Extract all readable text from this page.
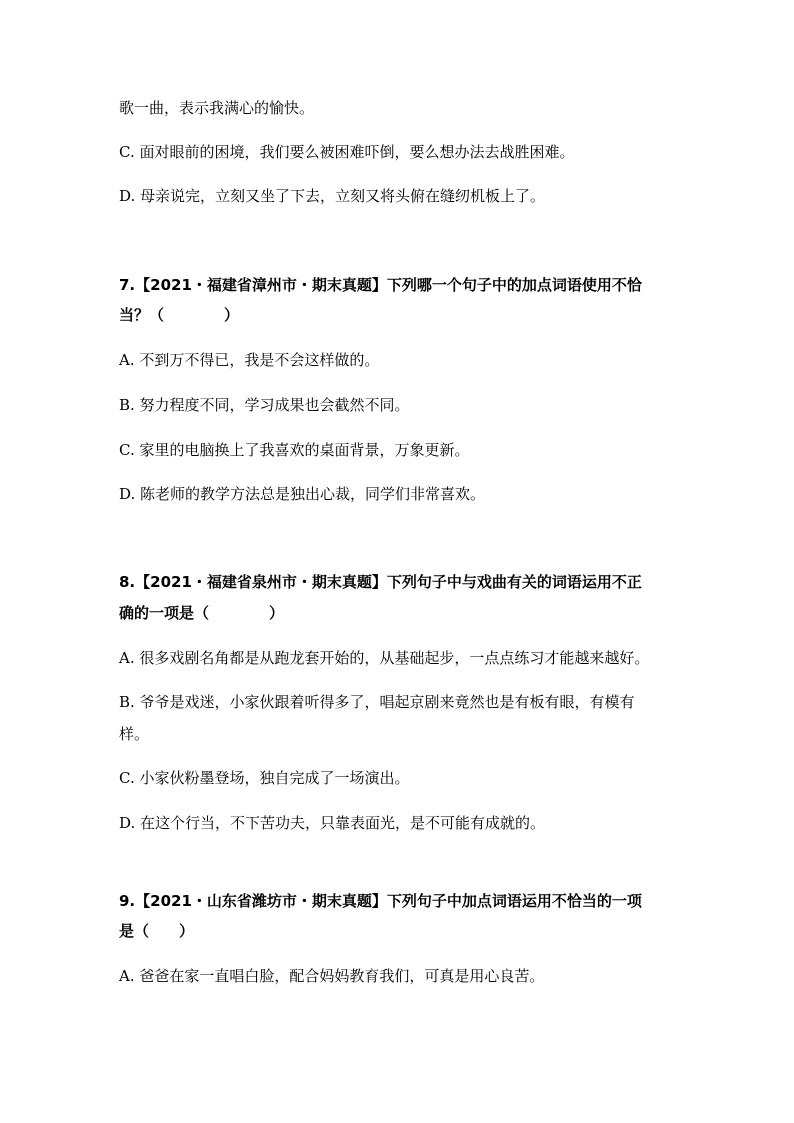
歌一曲，表示我满心的愉快。
C. 面对眼前的困境，我们要么被困难吓倒，要么想办法去战胜困难。
D. 母亲说完，立刻又坐了下去，立刻又将头俯在缝纫机板上了。
7.【2021・福建省漳州市・期末真题】下列哪一个句子中的加点词语使用不恰
当？（　　　　）
A. 不到万不得已，我是不会这样做的。
B. 努力程度不同，学习成果也会截然不同。
C. 家里的电脑换上了我喜欢的桌面背景，万象更新。
D. 陈老师的教学方法总是独出心裁，同学们非常喜欢。
8.【2021・福建省泉州市・期末真题】下列句子中与戏曲有关的词语运用不正
确的一项是（　　　　）
A. 很多戏剧名角都是从跑龙套开始的，从基础起步，一点点练习才能越来越好。
B. 爷爷是戏迷，小家伙跟着听得多了，唱起京剧来竟然也是有板有眼，有模有
样。
C. 小家伙粉墨登场，独自完成了一场演出。
D. 在这个行当，不下苦功夫，只靠表面光，是不可能有成就的。
9.【2021・山东省潍坊市・期末真题】下列句子中加点词语运用不恰当的一项
是（　　）
A. 爸爸在家一直唱白脸，配合妈妈教育我们，可真是用心良苦。
